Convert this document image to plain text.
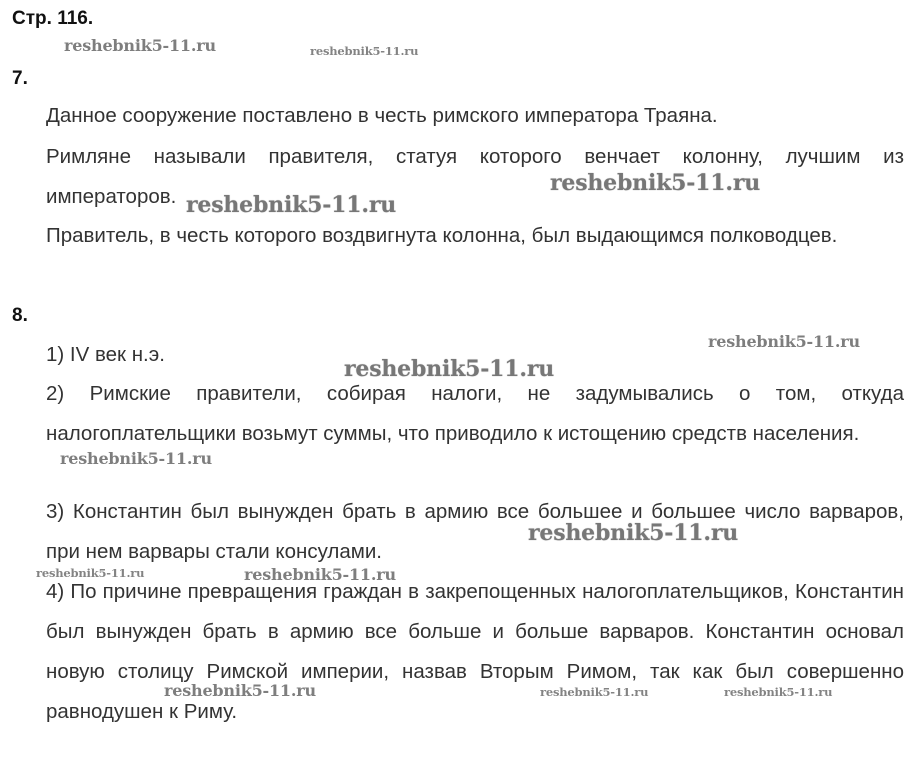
Стр. 116.
7.
Данное сооружение поставлено в честь римского императора Траяна.
Римляне называли правителя, статуя которого венчает колонну, лучшим из императоров.
Правитель, в честь которого воздвигнута колонна, был выдающимся полководцев.
8.
1) IV век н.э.
2) Римские правители, собирая налоги, не задумывались о том, откуда налогоплательщики возьмут суммы, что приводило к истощению средств населения.
3) Константин был вынужден брать в армию все большее и большее число варваров, при нем варвары стали консулами.
4) По причине превращения граждан в закрепощенных налогоплательщиков, Константин был вынужден брать в армию все больше и больше варваров. Константин основал новую столицу Римской империи, назвав Вторым Римом, так как был совершенно равнодушен к Риму.
reshebnik5-11.ru	reshebnik5-11.ru
reshebnik5-11.ru
reshebnik5-11.ru
reshebnik5-11.ru
reshebnik5-11.ru
reshebnik5-11.ru
reshebnik5-11.ru
reshebnik5-11.ru	reshebnik5-11.ru
reshebnik5-11.ru	reshebnik5-11.ru	reshebnik5-11.ru
